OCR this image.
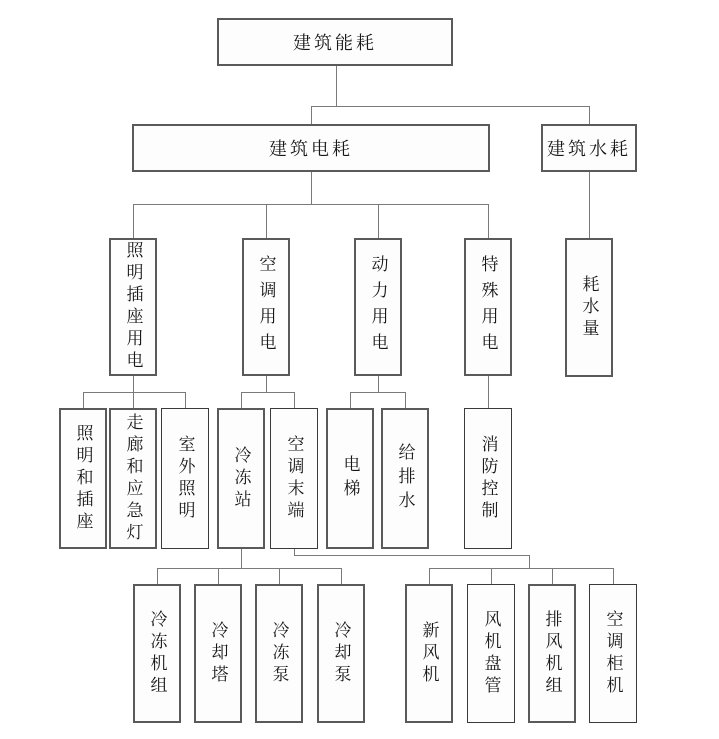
建筑能耗
建筑电耗	建筑水耗
照明插座用电	空调用电	动力用电	特殊用电	耗水量
照明和插座 走廊和应急灯 室外照明 冷冻站 空调末端 电梯 给排水	消防控制
冷冻机组 冷却塔 冷冻泵	冷却泵	新风机	风机盘管 排风机组 空调柜机
